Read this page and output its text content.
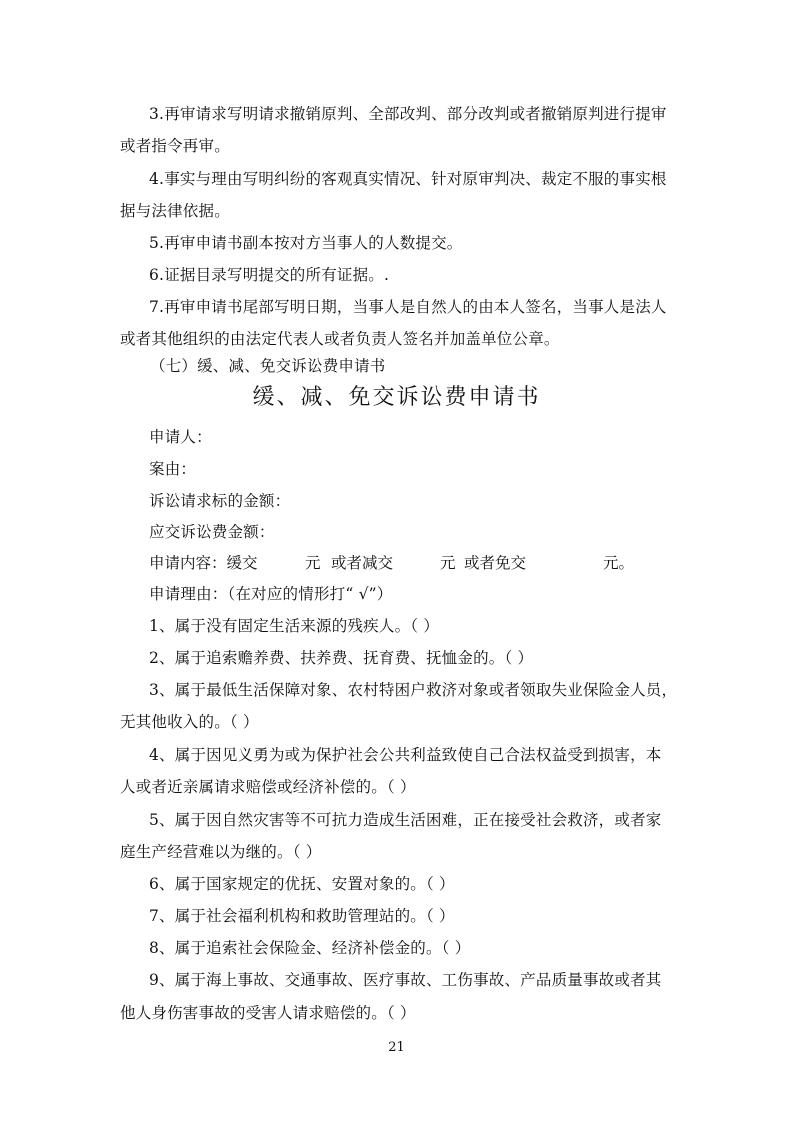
3.再审请求写明请求撤销原判、全部改判、部分改判或者撤销原判进行提审
或者指令再审。
4.事实与理由写明纠纷的客观真实情况、针对原审判决、裁定不服的事实根
据与法律依据。
5.再审申请书副本按对方当事人的人数提交。
6.证据目录写明提交的所有证据。.
7.再审申请书尾部写明日期，当事人是自然人的由本人签名，当事人是法人
或者其他组织的由法定代表人或者负责人签名并加盖单位公章。
（七）缓、减、免交诉讼费申请书
缓、减、免交诉讼费申请书
申请人：
案由：
诉讼请求标的金额：
应交诉讼费金额：
申请内容：缓交	元 或者减交	元 或者免交	元。
申请理由：（在对应的情形打“ √”）
1、属于没有固定生活来源的残疾人。（ ）
2、属于追索赡养费、扶养费、抚育费、抚恤金的。（ ）
3、属于最低生活保障对象、农村特困户救济对象或者领取失业保险金人员，
无其他收入的。（ ）
4、属于因见义勇为或为保护社会公共利益致使自己合法权益受到损害，本
人或者近亲属请求赔偿或经济补偿的。（ ）
5、属于因自然灾害等不可抗力造成生活困难，正在接受社会救济，或者家
庭生产经营难以为继的。（ ）
6、属于国家规定的优抚、安置对象的。（ ）
7、属于社会福利机构和救助管理站的。（ ）
8、属于追索社会保险金、经济补偿金的。（ ）
9、属于海上事故、交通事故、医疗事故、工伤事故、产品质量事故或者其
他人身伤害事故的受害人请求赔偿的。（ ）
21
